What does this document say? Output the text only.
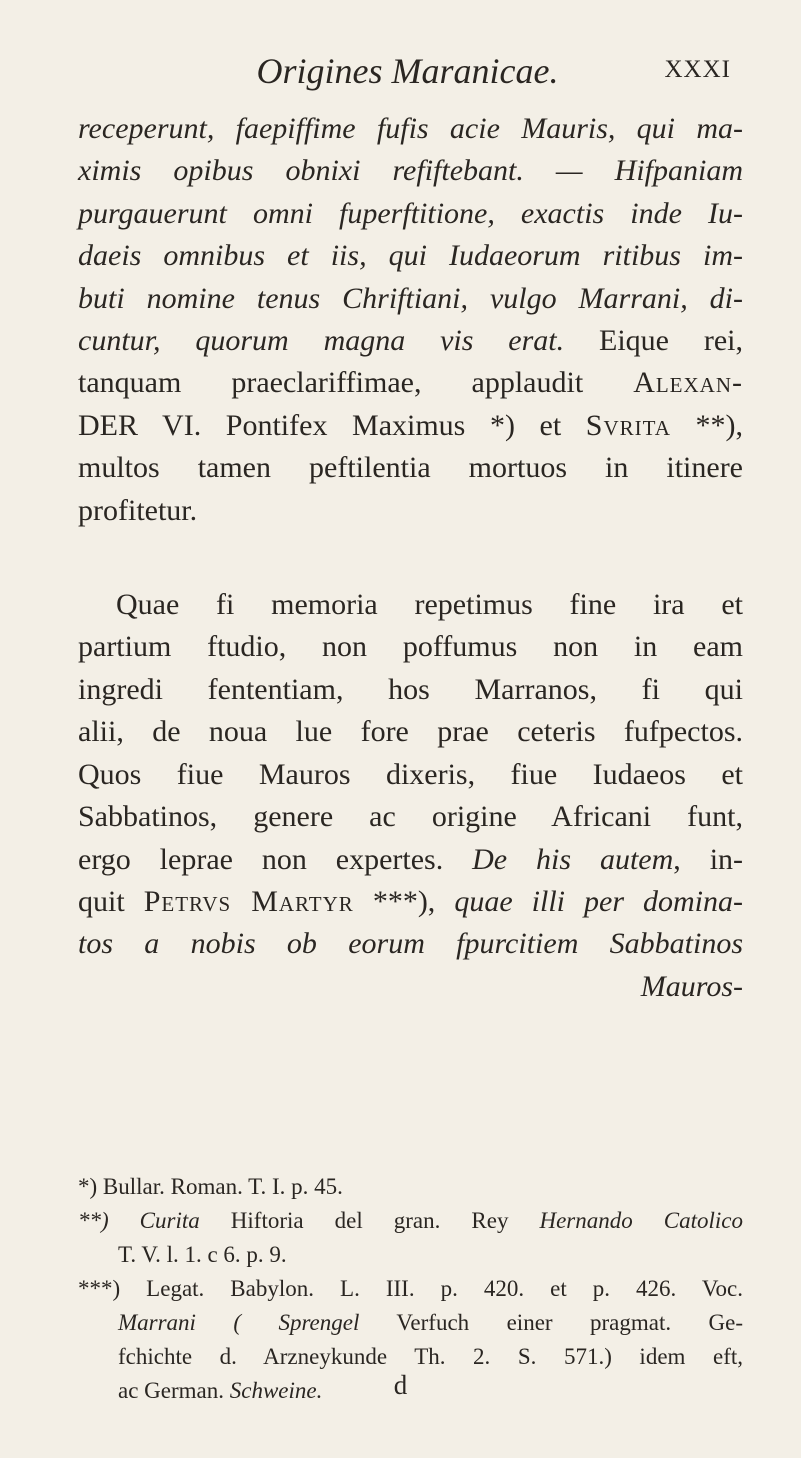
Origines Maranicae.	XXXI
receperunt, faepiffime fufis acie Mauris, qui ma-
ximis opibus obnixi refiftebant. — Hifpaniam
purgauerunt omni fuperftitione, exactis inde Iu-
daeis omnibus et iis, qui Iudaeorum ritibus im-
buti nomine tenus Chriftiani, vulgo Marrani, di-
cuntur, quorum magna vis erat. Eique rei,
tanquam praeclariffimae, applaudit Alexan-
DER VI. Pontifex Maximus *) et Svrita **),
multos tamen peftilentia mortuos in itinere
profitetur.
Quae fi memoria repetimus fine ira et
partium ftudio, non poffumus non in eam
ingredi fententiam, hos Marranos, fi qui
alii, de noua lue fore prae ceteris fufpectos.
Quos fiue Mauros dixeris, fiue Iudaeos et
Sabbatinos, genere ac origine Africani funt,
ergo leprae non expertes. De his autem, in-
quit Petrvs Martyr ***), quae illi per domina-
tos a nobis ob eorum fpurcitiem Sabbatinos
Mauros-
*) Bullar. Roman. T. I. p. 45.
**) Curita Hiftoria del gran. Rey Hernando Catolico
T. V. l. 1. c 6. p. 9.
***) Legat. Babylon. L. III. p. 420. et p. 426. Voc.
Marrani ( Sprengel Verfuch einer pragmat. Ge-
fchichte d. Arzneykunde Th. 2. S. 571.) idem eft,
ac German. Schweine.	d
